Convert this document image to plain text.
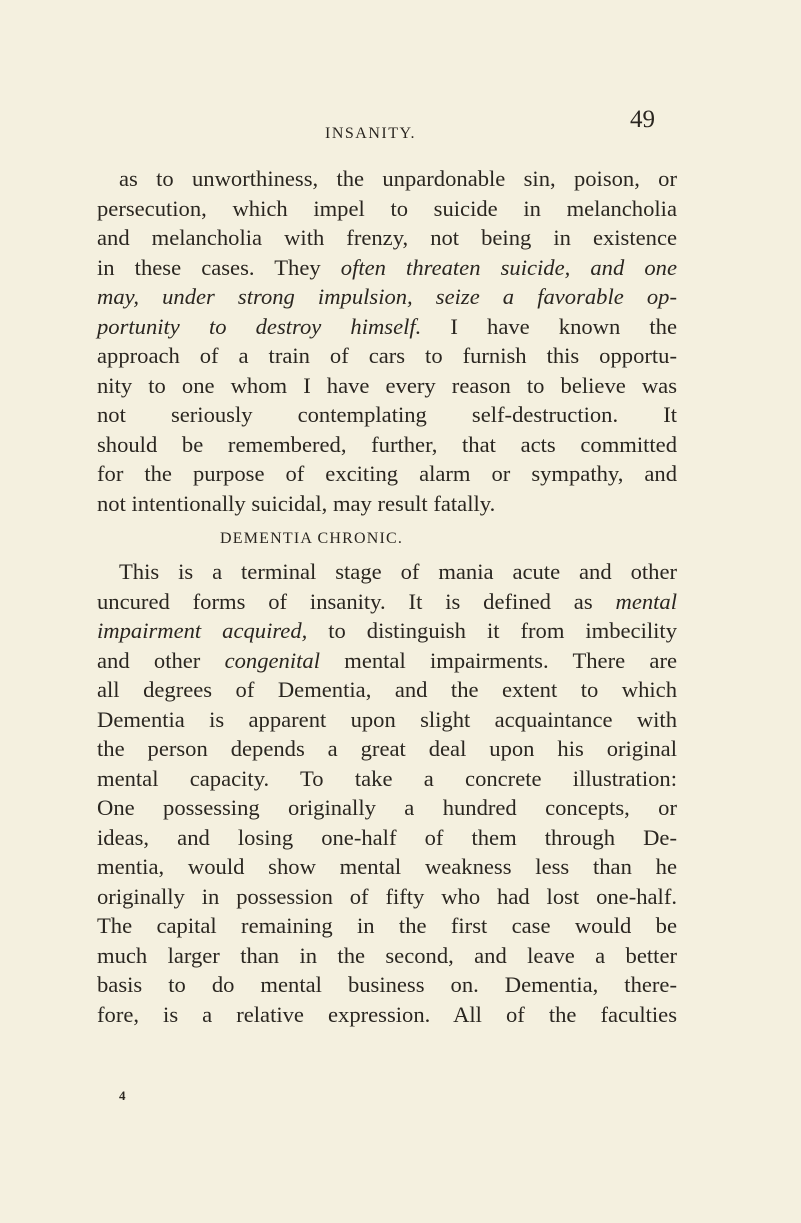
INSANITY.
49
as to unworthiness, the unpardonable sin, poison, or
persecution, which impel to suicide in melancholia
and melancholia with frenzy, not being in existence
in these cases. They often threaten suicide, and one
may, under strong impulsion, seize a favorable op-
portunity to destroy himself. I have known the
approach of a train of cars to furnish this opportu-
nity to one whom I have every reason to believe was
not seriously contemplating self-destruction. It
should be remembered, further, that acts committed
for the purpose of exciting alarm or sympathy, and
not intentionally suicidal, may result fatally.
DEMENTIA CHRONIC.
This is a terminal stage of mania acute and other
uncured forms of insanity. It is defined as mental
impairment acquired, to distinguish it from imbecility
and other congenital mental impairments. There are
all degrees of Dementia, and the extent to which
Dementia is apparent upon slight acquaintance with
the person depends a great deal upon his original
mental capacity. To take a concrete illustration:
One possessing originally a hundred concepts, or
ideas, and losing one-half of them through De-
mentia, would show mental weakness less than he
originally in possession of fifty who had lost one-half.
The capital remaining in the first case would be
much larger than in the second, and leave a better
basis to do mental business on. Dementia, there-
fore, is a relative expression. All of the faculties
4
